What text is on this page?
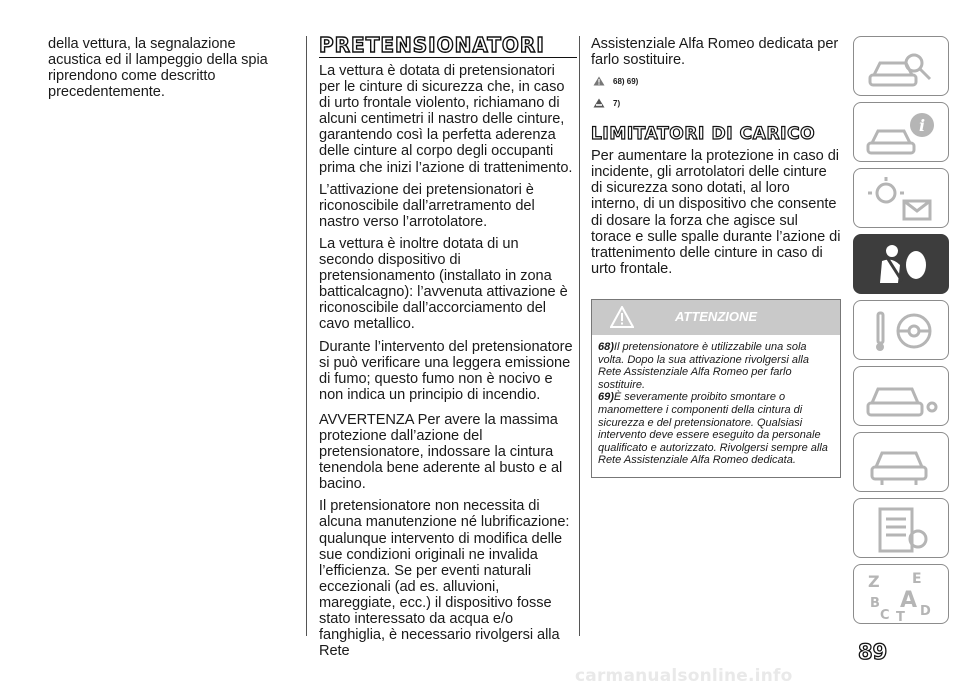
della vettura, la segnalazione acustica ed il lampeggio della spia riprendono come descritto precedentemente.

PRETENSIONATORI

La vettura è dotata di pretensionatori per le cinture di sicurezza che, in caso di urto frontale violento, richiamano di alcuni centimetri il nastro delle cinture, garantendo così la perfetta aderenza delle cinture al corpo degli occupanti prima che inizi l’azione di trattenimento.

L’attivazione dei pretensionatori è riconoscibile dall’arretramento del nastro verso l’arrotolatore.

La vettura è inoltre dotata di un secondo dispositivo di pretensionamento (installato in zona batticalcagno): l’avvenuta attivazione è riconoscibile dall’accorciamento del cavo metallico.

Durante l’intervento del pretensionatore si può verificare una leggera emissione di fumo; questo fumo non è nocivo e non indica un principio di incendio.

AVVERTENZA Per avere la massima protezione dall’azione del pretensionatore, indossare la cintura tenendola bene aderente al busto e al bacino.

Il pretensionatore non necessita di alcuna manutenzione né lubrificazione: qualunque intervento di modifica delle sue condizioni originali ne invalida l’efficienza. Se per eventi naturali eccezionali (ad es. alluvioni, mareggiate, ecc.) il dispositivo fosse stato interessato da acqua e/o fanghiglia, è necessario rivolgersi alla Rete

Assistenziale Alfa Romeo dedicata per farlo sostituire.

68) 69)
7)
LIMITATORI DI CARICO

Per aumentare la protezione in caso di incidente, gli arrotolatori delle cinture di sicurezza sono dotati, al loro interno, di un dispositivo che consente di dosare la forza che agisce sul torace e sulle spalle durante l’azione di trattenimento delle cinture in caso di urto frontale.

ATTENZIONE

68)Il pretensionatore è utilizzabile una sola volta. Dopo la sua attivazione rivolgersi alla Rete Assistenziale Alfa Romeo per farlo sostituire.

69)È severamente proibito smontare o manomettere i componenti della cintura di sicurezza e del pretensionatore. Qualsiasi intervento deve essere eseguito da personale qualificato e autorizzato. Rivolgersi sempre alla Rete Assistenziale Alfa Romeo dedicata.

i
Z E
B A
C T D
89
carmanualsonline.info
